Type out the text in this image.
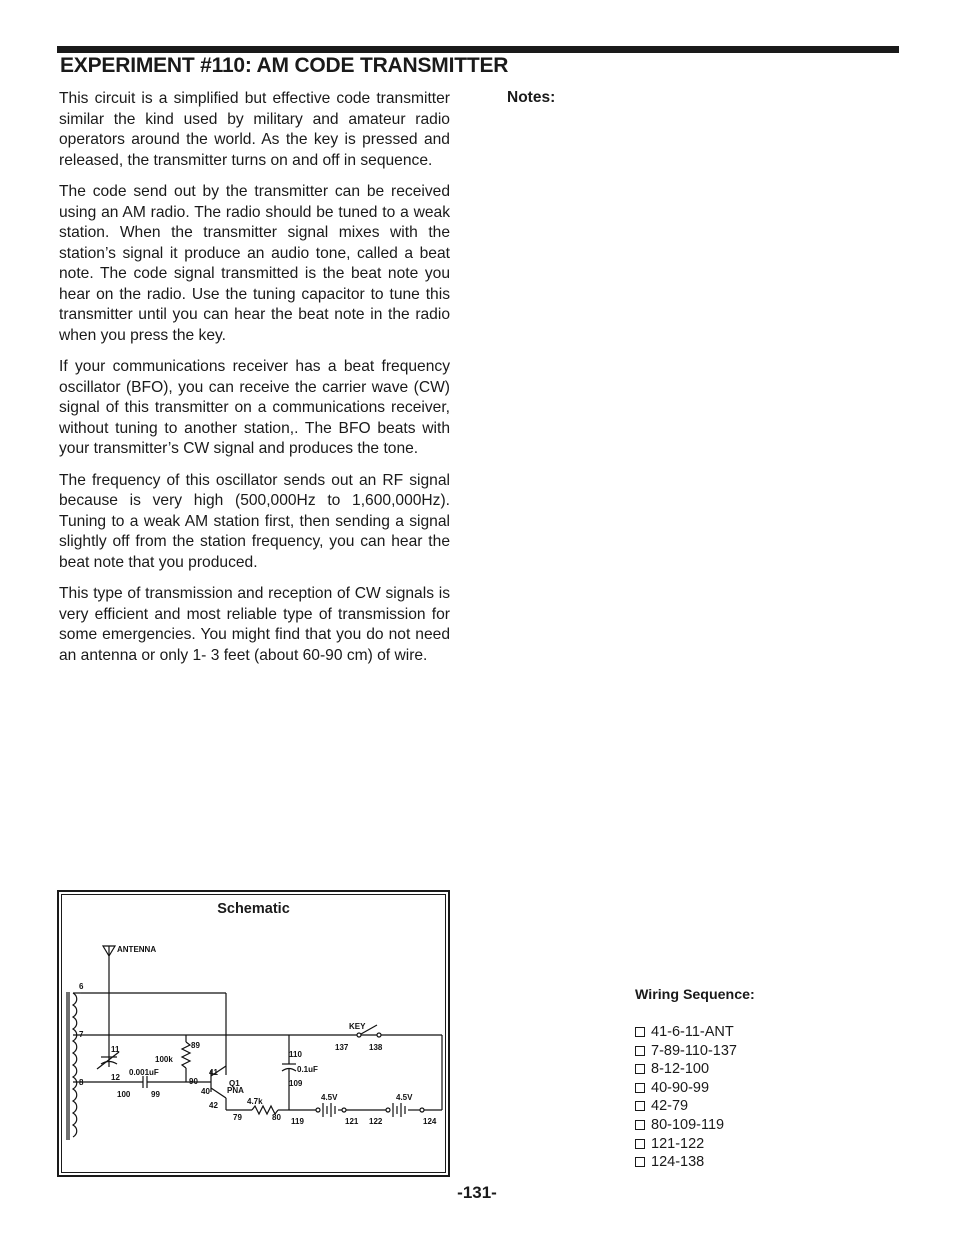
EXPERIMENT #110: AM CODE TRANSMITTER

This circuit is a simplified but effective code transmitter similar the kind used by military and amateur radio operators around the world. As the key is pressed and released, the transmitter turns on and off in sequence.

The code send out by the transmitter can be received using an AM radio. The radio should be tuned to a weak station. When the transmitter signal mixes with the station’s signal it produce an audio tone, called a beat note. The code signal transmitted is the beat note you hear on the radio. Use the tuning capacitor to tune this transmitter until you can hear the beat note in the radio when you press the key.

If your communications receiver has a beat frequency oscillator (BFO), you can receive the carrier wave (CW) signal of this transmitter on a communications receiver, without tuning to another station,. The BFO beats with your transmitter’s CW signal and produces the tone.

The frequency of this oscillator sends out an RF signal because is very high (500,000Hz to 1,600,000Hz). Tuning to a weak AM station first, then sending a signal slightly off from the station frequency, you can hear the beat note that you produced.

This type of transmission and reception of CW signals is very efficient and most reliable type of transmission for some emergencies. You might find that you do not need an antenna or only 1- 3 feet (about 60-90 cm) of wire.

Notes:
Schematic
ANTENNA
6
7
8
11
12
0.001uF
100	99
100k
89
90
41
40
Q1
PNA
42	4.7k
79	80
110
0.1uF
109
119
4.5V
121 122
4.5V
124
KEY
137	138
Wiring Sequence:
41-6-11-ANT
7-89-110-137
8-12-100
40-90-99
42-79
80-109-119
121-122
124-138
-131-
